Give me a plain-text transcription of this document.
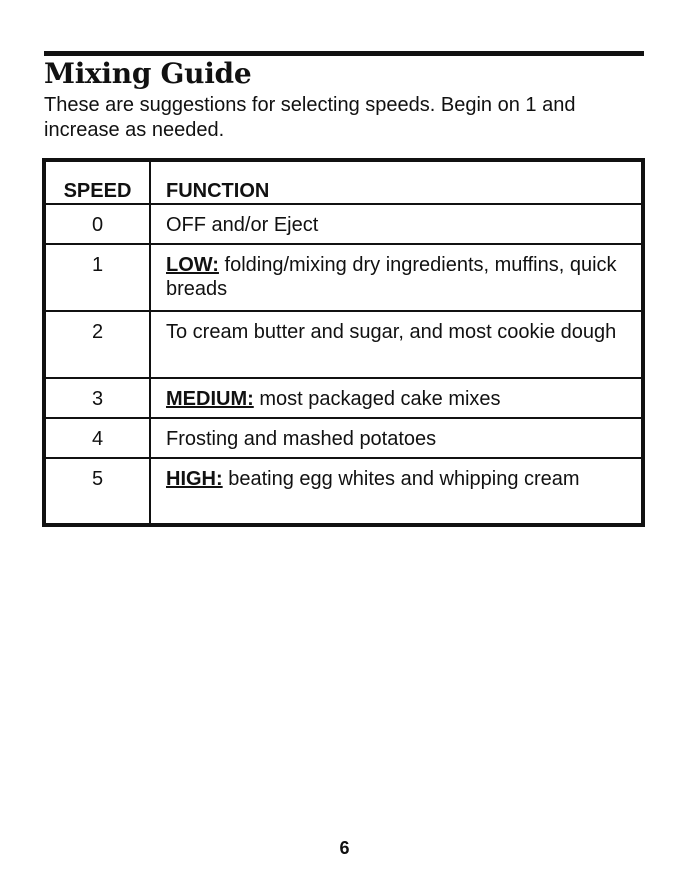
Mixing Guide

These are suggestions for selecting speeds. Begin on 1 and increase as needed.

SPEED	FUNCTION
0	OFF and/or Eject
1	LOW: folding/mixing dry ingredients, muffins, quick breads
2	To cream butter and sugar, and most cookie dough
3	MEDIUM: most packaged cake mixes
4	Frosting and mashed potatoes
5	HIGH: beating egg whites and whipping cream
6
